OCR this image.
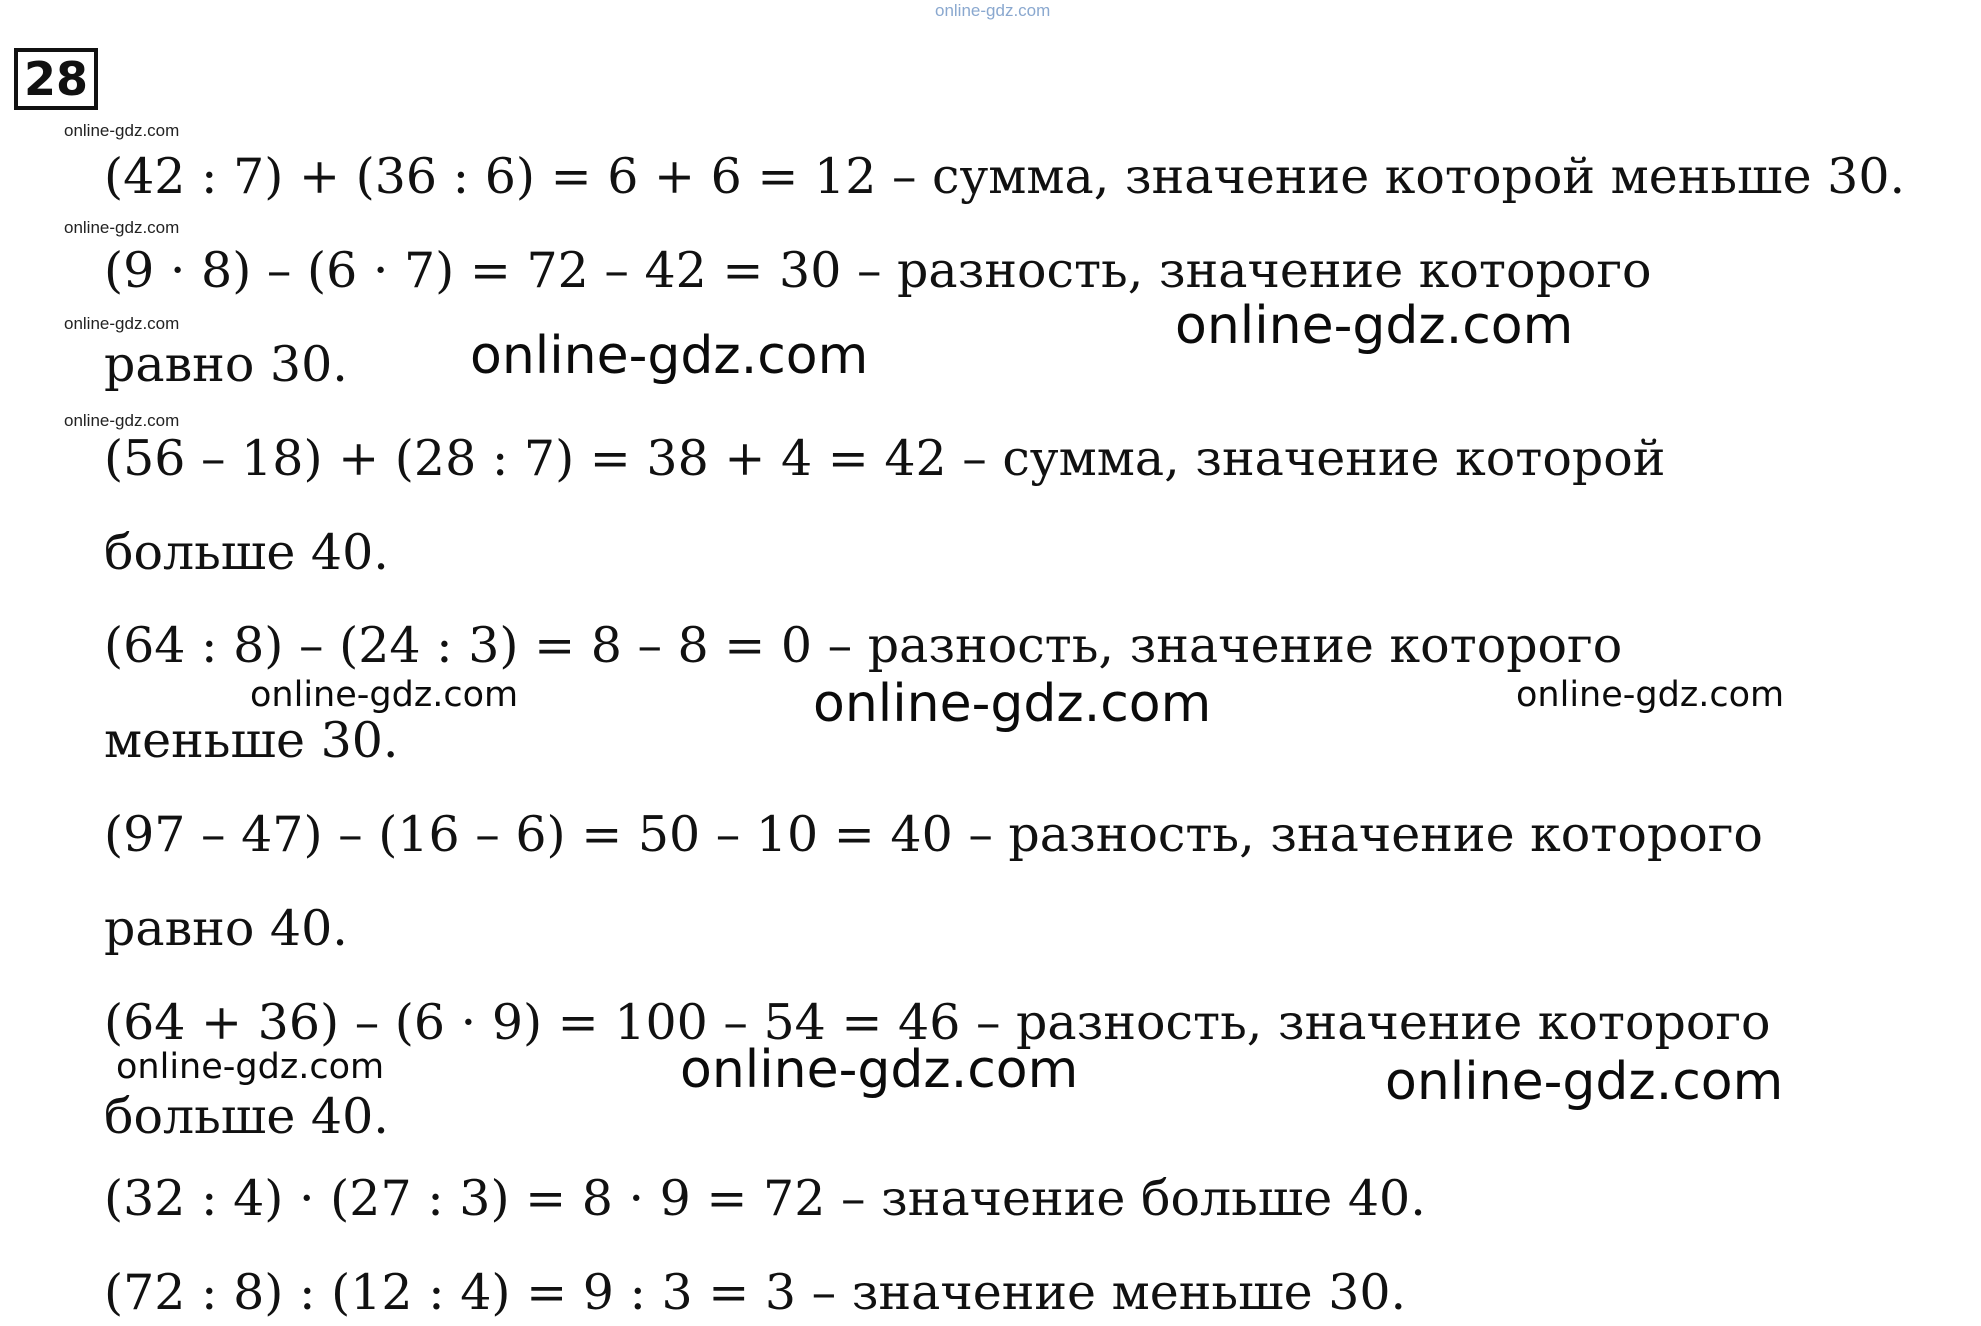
online-gdz.com
28
online-gdz.com
online-gdz.com
online-gdz.com
online-gdz.com
(42 : 7) + (36 : 6) = 6 + 6 = 12 – сумма, значение которой меньше 30.
(9 · 8) – (6 · 7) = 72 – 42 = 30 – разность, значение которого
равно 30.
(56 – 18) + (28 : 7) = 38 + 4 = 42 – сумма, значение которой
больше 40.
(64 : 8) – (24 : 3) = 8 – 8 = 0 – разность, значение которого
меньше 30.
(97 – 47) – (16 – 6) = 50 – 10 = 40 – разность, значение которого
равно 40.
(64 + 36) – (6 · 9) = 100 – 54 = 46 – разность, значение которого
больше 40.
(32 : 4) · (27 : 3) = 8 · 9 = 72 – значение больше 40.
(72 : 8) : (12 : 4) = 9 : 3 = 3 – значение меньше 30.
online-gdz.com
online-gdz.com
online-gdz.com
online-gdz.com	online-gdz.com
online-gdz.com	online-gdz.com
online-gdz.com
